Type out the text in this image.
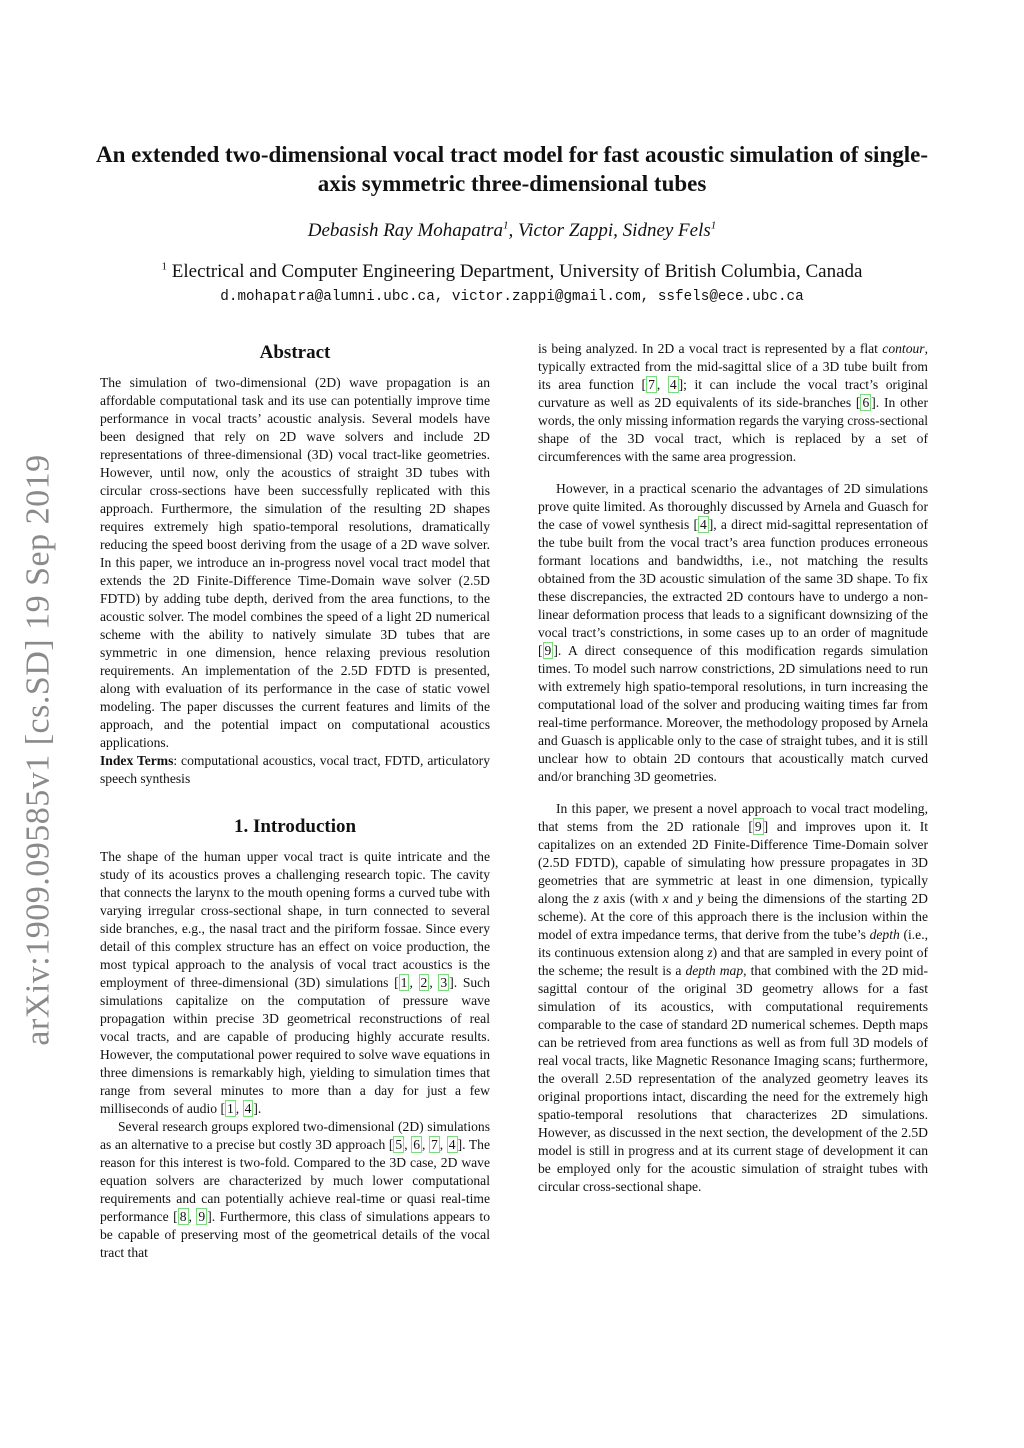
arXiv:1909.09585v1 [cs.SD] 19 Sep 2019
An extended two-dimensional vocal tract model for fast acoustic simulation of single-axis symmetric three-dimensional tubes
Debasish Ray Mohapatra$^1$, Victor Zappi, Sidney Fels$^1$
$^1$ Electrical and Computer Engineering Department, University of British Columbia, Canada
d.mohapatra@alumni.ubc.ca, victor.zappi@gmail.com, ssfels@ece.ubc.ca
Abstract

The simulation of two-dimensional (2D) wave propagation is an affordable computational task and its use can potentially improve time performance in vocal tracts’ acoustic analysis. Several models have been designed that rely on 2D wave solvers and include 2D representations of three-dimensional (3D) vocal tract-like geometries. However, until now, only the acoustics of straight 3D tubes with circular cross-sections have been successfully replicated with this approach. Furthermore, the simulation of the resulting 2D shapes requires extremely high spatio-temporal resolutions, dramatically reducing the speed boost deriving from the usage of a 2D wave solver. In this paper, we introduce an in-progress novel vocal tract model that extends the 2D Finite-Difference Time-Domain wave solver (2.5D FDTD) by adding tube depth, derived from the area functions, to the acoustic solver. The model combines the speed of a light 2D numerical scheme with the ability to natively simulate 3D tubes that are symmetric in one dimension, hence relaxing previous resolution requirements. An implementation of the 2.5D FDTD is presented, along with evaluation of its performance in the case of static vowel modeling. The paper discusses the current features and limits of the approach, and the potential impact on computational acoustics applications.

Index Terms: computational acoustics, vocal tract, FDTD, articulatory speech synthesis

1. Introduction

The shape of the human upper vocal tract is quite intricate and the study of its acoustics proves a challenging research topic. The cavity that connects the larynx to the mouth opening forms a curved tube with varying irregular cross-sectional shape, in turn connected to several side branches, e.g., the nasal tract and the piriform fossae. Since every detail of this complex structure has an effect on voice production, the most typical approach to the analysis of vocal tract acoustics is the employment of three-dimensional (3D) simulations [ 1 , 2 , 3 ]. Such simulations capitalize on the computation of pressure wave propagation within precise 3D geometrical reconstructions of real vocal tracts, and are capable of producing highly accurate results. However, the computational power required to solve wave equations in three dimensions is remarkably high, yielding to simulation times that range from several minutes to more than a day for just a few milliseconds of audio [ 1 , 4 ].

Several research groups explored two-dimensional (2D) simulations as an alternative to a precise but costly 3D approach [ 5 , 6 , 7 , 4 ]. The reason for this interest is two-fold. Compared to the 3D case, 2D wave equation solvers are characterized by much lower computational requirements and can potentially achieve real-time or quasi real-time performance [ 8 , 9 ]. Furthermore, this class of simulations appears to be capable of preserving most of the geometrical details of the vocal tract that

is being analyzed. In 2D a vocal tract is represented by a flat contour, typically extracted from the mid-sagittal slice of a 3D tube built from its area function [ 7 , 4 ]; it can include the vocal tract’s original curvature as well as 2D equivalents of its side-branches [ 6 ]. In other words, the only missing information regards the varying cross-sectional shape of the 3D vocal tract, which is replaced by a set of circumferences with the same area progression.

However, in a practical scenario the advantages of 2D simulations prove quite limited. As thoroughly discussed by Arnela and Guasch for the case of vowel synthesis [ 4 ], a direct mid-sagittal representation of the tube built from the vocal tract’s area function produces erroneous formant locations and bandwidths, i.e., not matching the results obtained from the 3D acoustic simulation of the same 3D shape. To fix these discrepancies, the extracted 2D contours have to undergo a non-linear deformation process that leads to a significant downsizing of the vocal tract’s constrictions, in some cases up to an order of magnitude [ 9 ]. A direct consequence of this modification regards simulation times. To model such narrow constrictions, 2D simulations need to run with extremely high spatio-temporal resolutions, in turn increasing the computational load of the solver and producing waiting times far from real-time performance. Moreover, the methodology proposed by Arnela and Guasch is applicable only to the case of straight tubes, and it is still unclear how to obtain 2D contours that acoustically match curved and/or branching 3D geometries.

In this paper, we present a novel approach to vocal tract modeling, that stems from the 2D rationale [ 9 ] and improves upon it. It capitalizes on an extended 2D Finite-Difference Time-Domain solver (2.5D FDTD), capable of simulating how pressure propagates in 3D geometries that are symmetric at least in one dimension, typically along the z axis (with x and y being the dimensions of the starting 2D scheme). At the core of this approach there is the inclusion within the model of extra impedance terms, that derive from the tube’s depth (i.e., its continuous extension along z) and that are sampled in every point of the scheme; the result is a depth map, that combined with the 2D mid-sagittal contour of the original 3D geometry allows for a fast simulation of its acoustics, with computational requirements comparable to the case of standard 2D numerical schemes. Depth maps can be retrieved from area functions as well as from full 3D models of real vocal tracts, like Magnetic Resonance Imaging scans; furthermore, the overall 2.5D representation of the analyzed geometry leaves its original proportions intact, discarding the need for the extremely high spatio-temporal resolutions that characterizes 2D simulations. However, as discussed in the next section, the development of the 2.5D model is still in progress and at its current stage of development it can be employed only for the acoustic simulation of straight tubes with circular cross-sectional shape.
